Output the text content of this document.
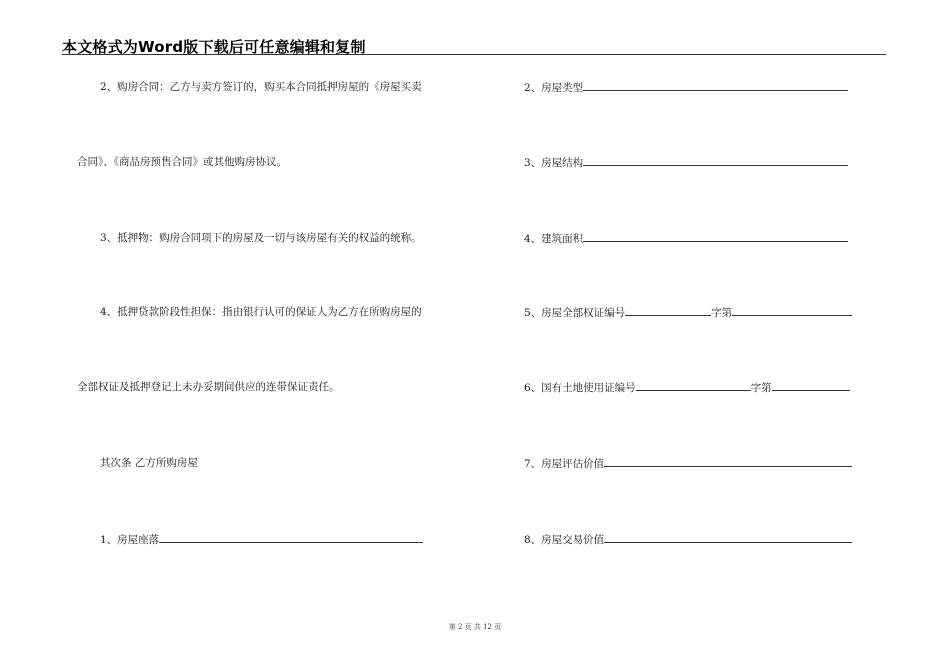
本文格式为Word版下载后可任意编辑和复制
2、购房合同：乙方与卖方签订的，购买本合同抵押房屋的《房屋买卖
合同》、《商品房预售合同》或其他购房协议。
3、抵押物：购房合同项下的房屋及一切与该房屋有关的权益的统称。
4、抵押贷款阶段性担保：指由银行认可的保证人为乙方在所购房屋的
全部权证及抵押登记上未办妥期间供应的连带保证责任。
其次条 乙方所购房屋
1、房屋座落
2、房屋类型
3、房屋结构
4、建筑面积
5、房屋全部权证编号	字第
6、国有土地使用证编号	字第
7、房屋评估价值
8、房屋交易价值
第 2 页 共 12 页
